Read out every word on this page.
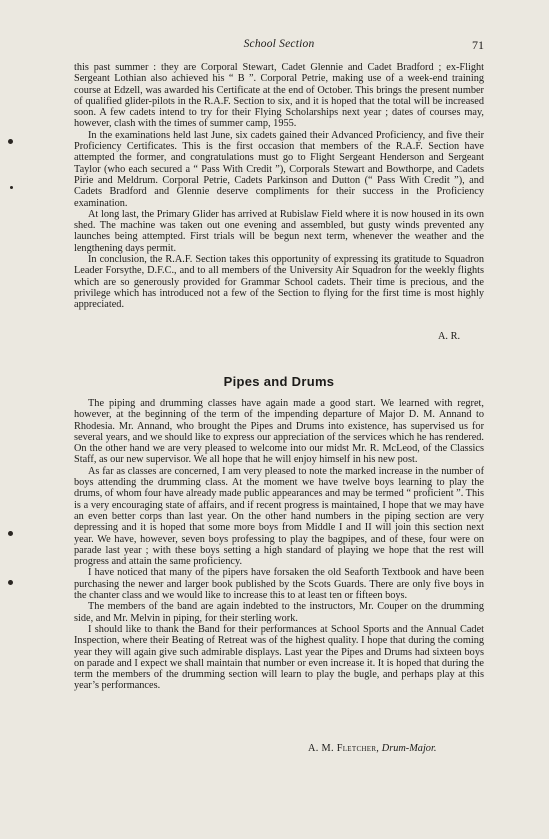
School Section	71

this past summer : they are Corporal Stewart, Cadet Glennie and Cadet Bradford ; ex-Flight Sergeant Lothian also achieved his “ B ”. Corporal Petrie, making use of a week-end training course at Edzell, was awarded his Certificate at the end of October. This brings the present number of qualified glider-pilots in the R.A.F. Section to six, and it is hoped that the total will be increased soon. A few cadets intend to try for their Flying Scholarships next year ; dates of courses may, however, clash with the times of summer camp, 1955.

In the examinations held last June, six cadets gained their Advanced Proficiency, and five their Proficiency Certificates. This is the first occasion that members of the R.A.F. Section have attempted the former, and congratulations must go to Flight Sergeant Henderson and Sergeant Taylor (who each secured a “ Pass With Credit ”), Corporals Stewart and Bowthorpe, and Cadets Pirie and Meldrum. Corporal Petrie, Cadets Parkinson and Dutton (“ Pass With Credit ”), and Cadets Bradford and Glennie deserve compliments for their success in the Proficiency examination.

At long last, the Primary Glider has arrived at Rubislaw Field where it is now housed in its own shed. The machine was taken out one evening and assembled, but gusty winds prevented any launches being attempted. First trials will be begun next term, whenever the weather and the lengthening days permit.

In conclusion, the R.A.F. Section takes this opportunity of expressing its gratitude to Squadron Leader Forsythe, D.F.C., and to all members of the University Air Squadron for the weekly flights which are so generously provided for Grammar School cadets. Their time is precious, and the privilege which has introduced not a few of the Section to flying for the first time is most highly appreciated.

A. R.
Pipes and Drums

The piping and drumming classes have again made a good start. We learned with regret, however, at the beginning of the term of the impending departure of Major D. M. Annand to Rhodesia. Mr. Annand, who brought the Pipes and Drums into existence, has supervised us for several years, and we should like to express our appreciation of the services which he has rendered. On the other hand we are very pleased to welcome into our midst Mr. R. McLeod, of the Classics Staff, as our new supervisor. We all hope that he will enjoy himself in his new post.

As far as classes are concerned, I am very pleased to note the marked increase in the number of boys attending the drumming class. At the moment we have twelve boys learning to play the drums, of whom four have already made public appearances and may be termed “ proficient ”. This is a very encouraging state of affairs, and if recent progress is maintained, I hope that we may have an even better corps than last year. On the other hand numbers in the piping section are very depressing and it is hoped that some more boys from Middle I and II will join this section next year. We have, however, seven boys professing to play the bagpipes, and of these, four were on parade last year ; with these boys setting a high standard of playing we hope that the rest will progress and attain the same proficiency.

I have noticed that many of the pipers have forsaken the old Seaforth Textbook and have been purchasing the newer and larger book published by the Scots Guards. There are only five boys in the chanter class and we would like to increase this to at least ten or fifteen boys.

The members of the band are again indebted to the instructors, Mr. Couper on the drumming side, and Mr. Melvin in piping, for their sterling work.

I should like to thank the Band for their performances at School Sports and the Annual Cadet Inspection, where their Beating of Retreat was of the highest quality. I hope that during the coming year they will again give such admirable displays. Last year the Pipes and Drums had sixteen boys on parade and I expect we shall maintain that number or even increase it. It is hoped that during the term the members of the drumming section will learn to play the bugle, and perhaps play at this year’s performances.

A. M. Fletcher, Drum-Major.
